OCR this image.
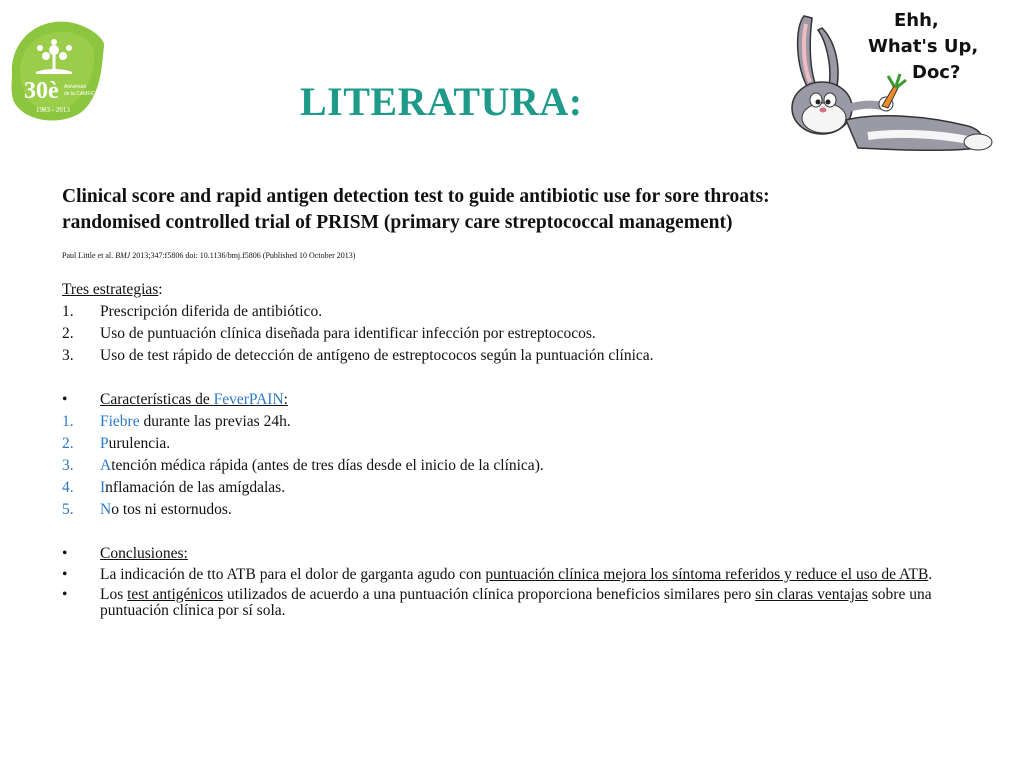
30è Aniversari
de la CAMFiC
1983 - 2013	LITERATURA:
Ehh,
What's Up,
Doc?
Clinical score and rapid antigen detection test to guide antibiotic use for sore throats:
randomised controlled trial of PRISM (primary care streptococcal management)
Paul Little et al. BMJ 2013;347:f5806 doi: 10.1136/bmj.f5806 (Published 10 October 2013)
Tres estrategias:
1.	Prescripción diferida de antibiótico.
2.	Uso de puntuación clínica diseñada para identificar infección por estreptococos.
3.	Uso de test rápido de detección de antígeno de estreptococos según la puntuación clínica.
•	Características de FeverPAIN:
1.	Fiebre durante las previas 24h.
2.	Purulencia.
3.	Atención médica rápida (antes de tres días desde el inicio de la clínica).
4.	Inflamación de las amígdalas.
5.	No tos ni estornudos.
•	Conclusiones:
•	La indicación de tto ATB para el dolor de garganta agudo con puntuación clínica mejora los síntoma referidos y reduce el uso de ATB.
•	Los test antigénicos utilizados de acuerdo a una puntuación clínica proporciona beneficios similares pero sin claras ventajas sobre una puntuación clínica por sí sola.
